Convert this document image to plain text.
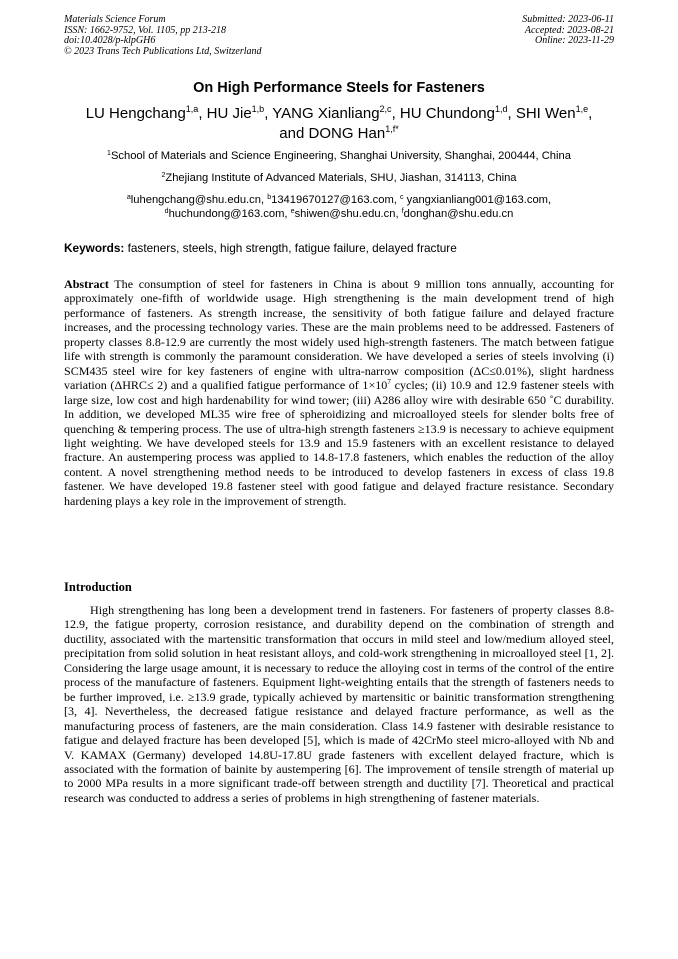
Materials Science Forum
ISSN: 1662-9752, Vol. 1105, pp 213-218
doi:10.4028/p-klpGH6
© 2023 Trans Tech Publications Ltd, Switzerland
Submitted: 2023-06-11
Accepted: 2023-08-21
Online: 2023-11-29
On High Performance Steels for Fasteners
LU Hengchang$^{1,a}$, HU Jie$^{1,b}$, YANG Xianliang$^{2,c}$, HU Chundong$^{1,d}$, SHI Wen$^{1,e}$,
and DONG Han$^{1,f*}$
$^1$School of Materials and Science Engineering, Shanghai University, Shanghai, 200444, China
$^2$Zhejiang Institute of Advanced Materials, SHU, Jiashan, 314113, China
$^a$luhengchang@shu.edu.cn, $^b$13419670127@163.com, $^c$ yangxianliang001@163.com,
$^d$huchundong@163.com, $^e$shiwen@shu.edu.cn, $^f$donghan@shu.edu.cn
Keywords: fasteners, steels, high strength, fatigue failure, delayed fracture
Abstract The consumption of steel for fasteners in China is about 9 million tons annually, accounting for approximately one-fifth of worldwide usage. High strengthening is the main development trend of high performance of fasteners. As strength increase, the sensitivity of both fatigue failure and delayed fracture increases, and the processing technology varies. These are the main problems need to be addressed. Fasteners of property classes 8.8-12.9 are currently the most widely used high-strength fasteners. The match between fatigue life with strength is commonly the paramount consideration. We have developed a series of steels involving (i) SCM435 steel wire for key fasteners of engine with ultra-narrow composition (ΔC≤0.01%), slight hardness variation (ΔHRC≤ 2) and a qualified fatigue performance of $1\times 10^7$ cycles; (ii) 10.9 and 12.9 fastener steels with large size, low cost and high hardenability for wind tower; (iii) A286 alloy wire with desirable 650 ˚C durability. In addition, we developed ML35 wire free of spheroidizing and microalloyed steels for slender bolts free of quenching & tempering process. The use of ultra-high strength fasteners ≥13.9 is necessary to achieve equipment light weighting. We have developed steels for 13.9 and 15.9 fasteners with an excellent resistance to delayed fracture. An austempering process was applied to 14.8-17.8 fasteners, which enables the reduction of the alloy content. A novel strengthening method needs to be introduced to develop fasteners in excess of class 19.8 fastener. We have developed 19.8 fastener steel with good fatigue and delayed fracture resistance. Secondary hardening plays a key role in the improvement of strength.
Introduction
High strengthening has long been a development trend in fasteners. For fasteners of property classes 8.8-12.9, the fatigue property, corrosion resistance, and durability depend on the combination of strength and ductility, associated with the martensitic transformation that occurs in mild steel and low/medium alloyed steel, precipitation from solid solution in heat resistant alloys, and cold-work strengthening in microalloyed steel [1, 2]. Considering the large usage amount, it is necessary to reduce the alloying cost in terms of the control of the entire process of the manufacture of fasteners. Equipment light-weighting entails that the strength of fasteners needs to be further improved, i.e. ≥13.9 grade, typically achieved by martensitic or bainitic transformation strengthening [3, 4]. Nevertheless, the decreased fatigue resistance and delayed fracture performance, as well as the manufacturing process of fasteners, are the main consideration. Class 14.9 fastener with desirable resistance to fatigue and delayed fracture has been developed [5], which is made of 42CrMo steel micro-alloyed with Nb and V. KAMAX (Germany) developed 14.8U-17.8U grade fasteners with excellent delayed fracture, which is associated with the formation of bainite by austempering [6]. The improvement of tensile strength of material up to 2000 MPa results in a more significant trade-off between strength and ductility [7]. Theoretical and practical research was conducted to address a series of problems in high strengthening of fastener materials.
